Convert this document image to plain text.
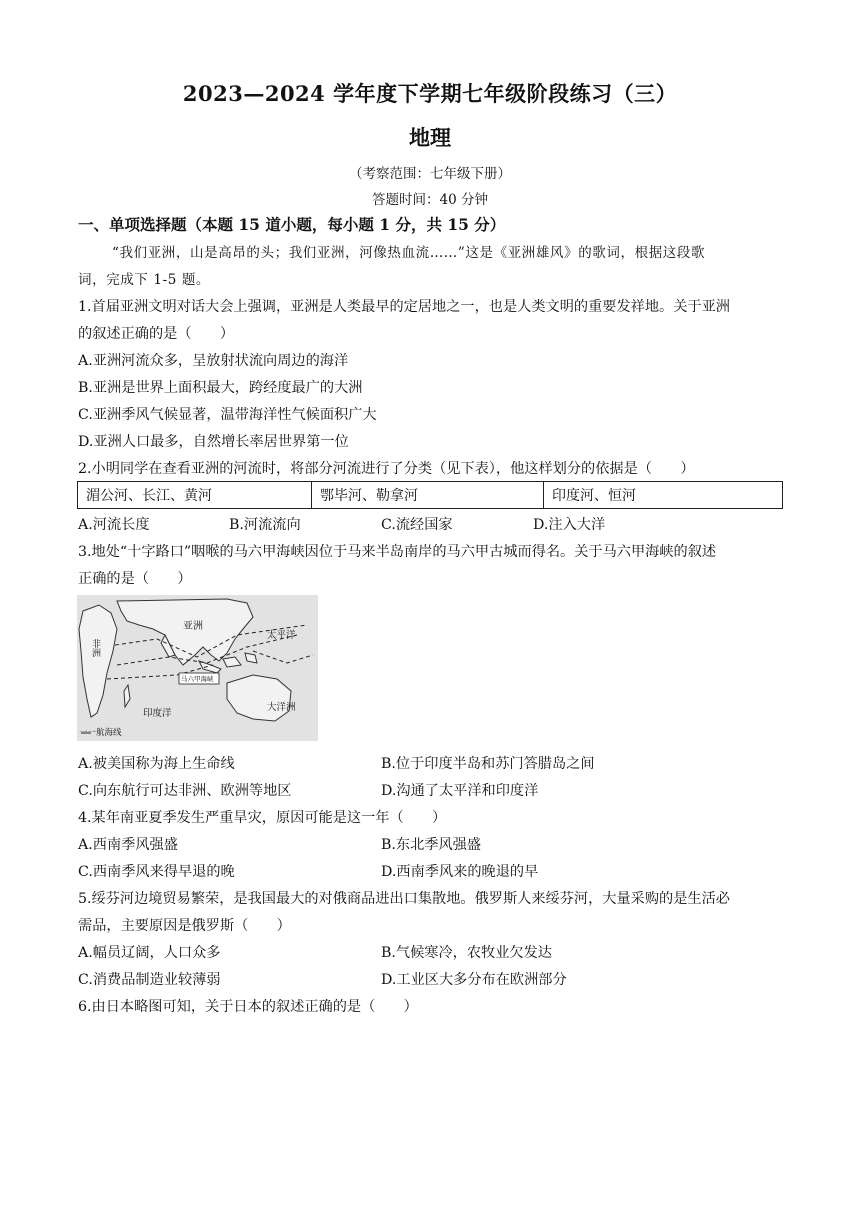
2023—2024 学年度下学期七年级阶段练习（三）
地理
（考察范围：七年级下册）
答题时间：40 分钟
一、单项选择题（本题 15 道小题，每小题 1 分，共 15 分）
“我们亚洲，山是高昂的头；我们亚洲，河像热血流……”这是《亚洲雄风》的歌词，根据这段歌
词，完成下 1-5 题。
1.首届亚洲文明对话大会上强调，亚洲是人类最早的定居地之一，也是人类文明的重要发祥地。关于亚洲
的叙述正确的是（　　）
A.亚洲河流众多，呈放射状流向周边的海洋
B.亚洲是世界上面积最大，跨经度最广的大洲
C.亚洲季风气候显著，温带海洋性气候面积广大
D.亚洲人口最多，自然增长率居世界第一位
2.小明同学在查看亚洲的河流时，将部分河流进行了分类（见下表），他这样划分的依据是（　　）
湄公河、长江、黄河	鄂毕河、勒拿河	印度河、恒河
A.河流长度	B.河流流向	C.流经国家	D.注入大洋
3.地处“十字路口”咽喉的马六甲海峡因位于马来半岛南岸的马六甲古城而得名。关于马六甲海峡的叙述
正确的是（　　）
亚洲
非洲
太平洋
马六甲海峡
印度洋
大洋洲
一一航海线
A.被美国称为海上生命线	B.位于印度半岛和苏门答腊岛之间
C.向东航行可达非洲、欧洲等地区	D.沟通了太平洋和印度洋
4.某年南亚夏季发生严重旱灾，原因可能是这一年（　　）
A.西南季风强盛	B.东北季风强盛
C.西南季风来得早退的晚	D.西南季风来的晚退的早
5.绥芬河边境贸易繁荣，是我国最大的对俄商品进出口集散地。俄罗斯人来绥芬河，大量采购的是生活必
需品，主要原因是俄罗斯（　　）
A.幅员辽阔，人口众多	B.气候寒冷，农牧业欠发达
C.消费品制造业较薄弱	D.工业区大多分布在欧洲部分
6.由日本略图可知，关于日本的叙述正确的是（　　）
